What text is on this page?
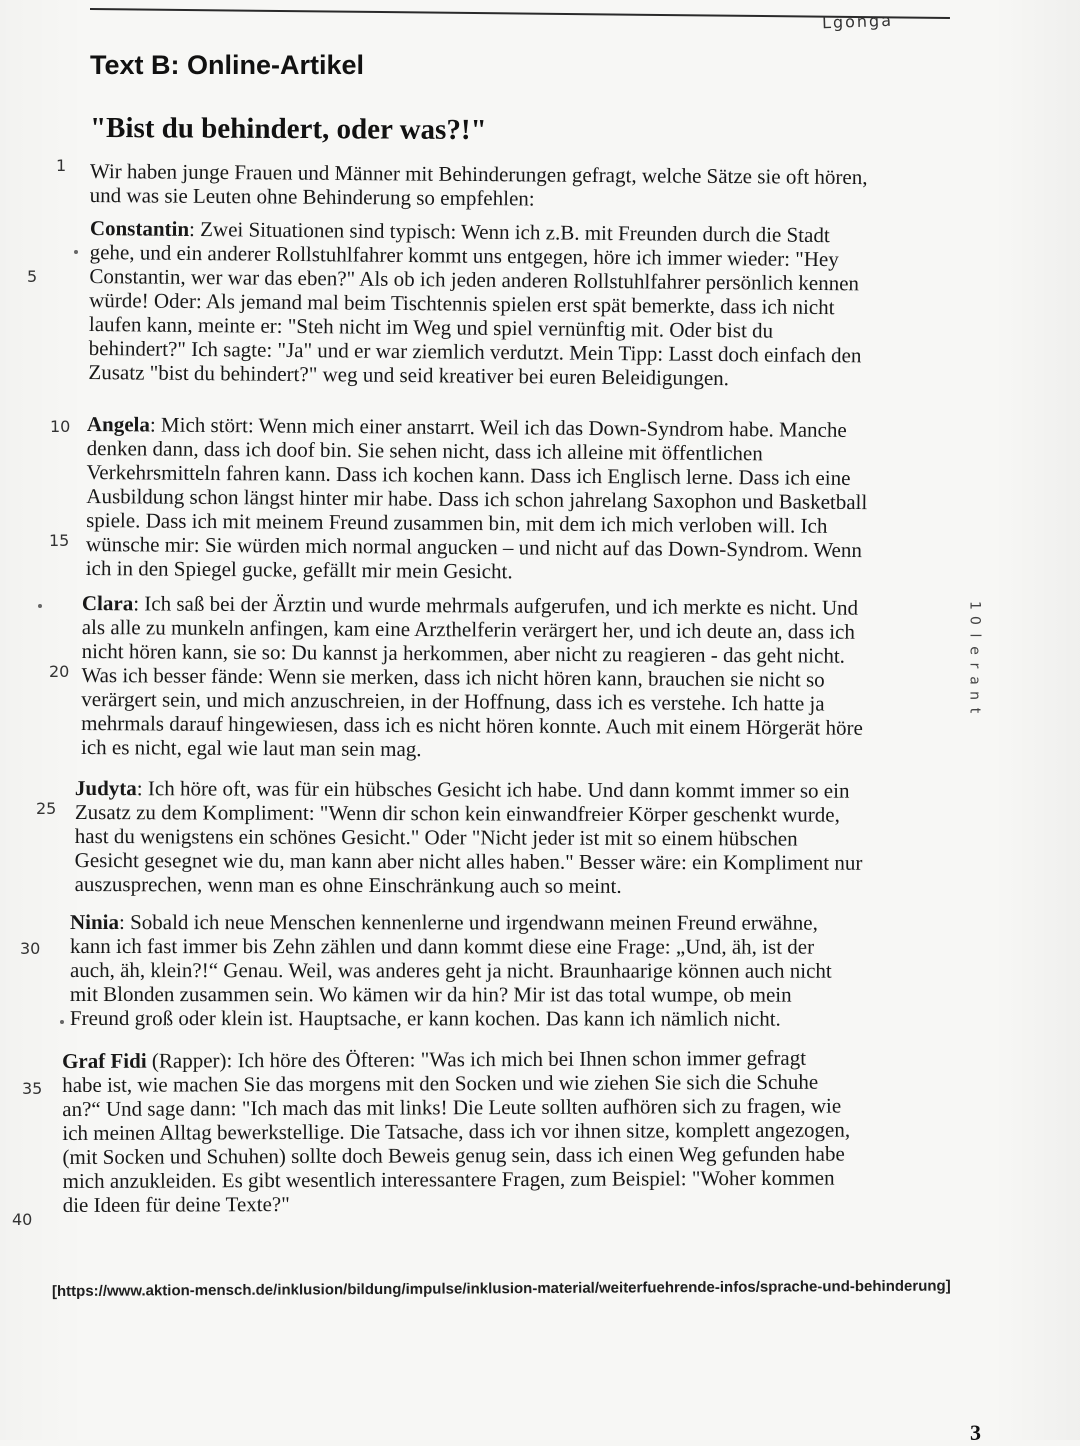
Lgonga
Text B: Online-Artikel
"Bist du behindert, oder was?!"
1
5
10
15
20
25
30
35
40
Wir haben junge Frauen und Männer mit Behinderungen gefragt, welche Sätze sie oft hören,
und was sie Leuten ohne Behinderung so empfehlen:
Constantin: Zwei Situationen sind typisch: Wenn ich z.B. mit Freunden durch die Stadt
gehe, und ein anderer Rollstuhlfahrer kommt uns entgegen, höre ich immer wieder: "Hey
Constantin, wer war das eben?" Als ob ich jeden anderen Rollstuhlfahrer persönlich kennen
würde! Oder: Als jemand mal beim Tischtennis spielen erst spät bemerkte, dass ich nicht
laufen kann, meinte er: "Steh nicht im Weg und spiel vernünftig mit. Oder bist du
behindert?" Ich sagte: "Ja" und er war ziemlich verdutzt. Mein Tipp: Lasst doch einfach den
Zusatz "bist du behindert?" weg und seid kreativer bei euren Beleidigungen.
Angela: Mich stört: Wenn mich einer anstarrt. Weil ich das Down-Syndrom habe. Manche
denken dann, dass ich doof bin. Sie sehen nicht, dass ich alleine mit öffentlichen
Verkehrsmitteln fahren kann. Dass ich kochen kann. Dass ich Englisch lerne. Dass ich eine
Ausbildung schon längst hinter mir habe. Dass ich schon jahrelang Saxophon und Basketball
spiele. Dass ich mit meinem Freund zusammen bin, mit dem ich mich verloben will. Ich
wünsche mir: Sie würden mich normal angucken – und nicht auf das Down-Syndrom. Wenn
ich in den Spiegel gucke, gefällt mir mein Gesicht.
Clara: Ich saß bei der Ärztin und wurde mehrmals aufgerufen, und ich merkte es nicht. Und
als alle zu munkeln anfingen, kam eine Arzthelferin verärgert her, und ich deute an, dass ich
nicht hören kann, sie so: Du kannst ja herkommen, aber nicht zu reagieren - das geht nicht.
Was ich besser fände: Wenn sie merken, dass ich nicht hören kann, brauchen sie nicht so
verärgert sein, und mich anzuschreien, in der Hoffnung, dass ich es verstehe. Ich hatte ja
mehrmals darauf hingewiesen, dass ich es nicht hören konnte. Auch mit einem Hörgerät höre
ich es nicht, egal wie laut man sein mag.
Judyta: Ich höre oft, was für ein hübsches Gesicht ich habe. Und dann kommt immer so ein
Zusatz zu dem Kompliment: "Wenn dir schon kein einwandfreier Körper geschenkt wurde,
hast du wenigstens ein schönes Gesicht." Oder "Nicht jeder ist mit so einem hübschen
Gesicht gesegnet wie du, man kann aber nicht alles haben." Besser wäre: ein Kompliment nur
auszusprechen, wenn man es ohne Einschränkung auch so meint.
Ninia: Sobald ich neue Menschen kennenlerne und irgendwann meinen Freund erwähne,
kann ich fast immer bis Zehn zählen und dann kommt diese eine Frage: „Und, äh, ist der
auch, äh, klein?!“ Genau. Weil, was anderes geht ja nicht. Braunhaarige können auch nicht
mit Blonden zusammen sein. Wo kämen wir da hin? Mir ist das total wumpe, ob mein
Freund groß oder klein ist. Hauptsache, er kann kochen. Das kann ich nämlich nicht.
Graf Fidi (Rapper): Ich höre des Öfteren: "Was ich mich bei Ihnen schon immer gefragt
habe ist, wie machen Sie das morgens mit den Socken und wie ziehen Sie sich die Schuhe
an?“ Und sage dann: "Ich mach das mit links! Die Leute sollten aufhören sich zu fragen, wie
ich meinen Alltag bewerkstellige. Die Tatsache, dass ich vor ihnen sitze, komplett angezogen,
(mit Socken und Schuhen) sollte doch Beweis genug sein, dass ich einen Weg gefunden habe
mich anzukleiden. Es gibt wesentlich interessantere Fragen, zum Beispiel: "Woher kommen
die Ideen für deine Texte?"
1
0
l
e
r
a
n
t
[https://www.aktion-mensch.de/inklusion/bildung/impulse/inklusion-material/weiterfuehrende-infos/sprache-und-behinderung]
3
